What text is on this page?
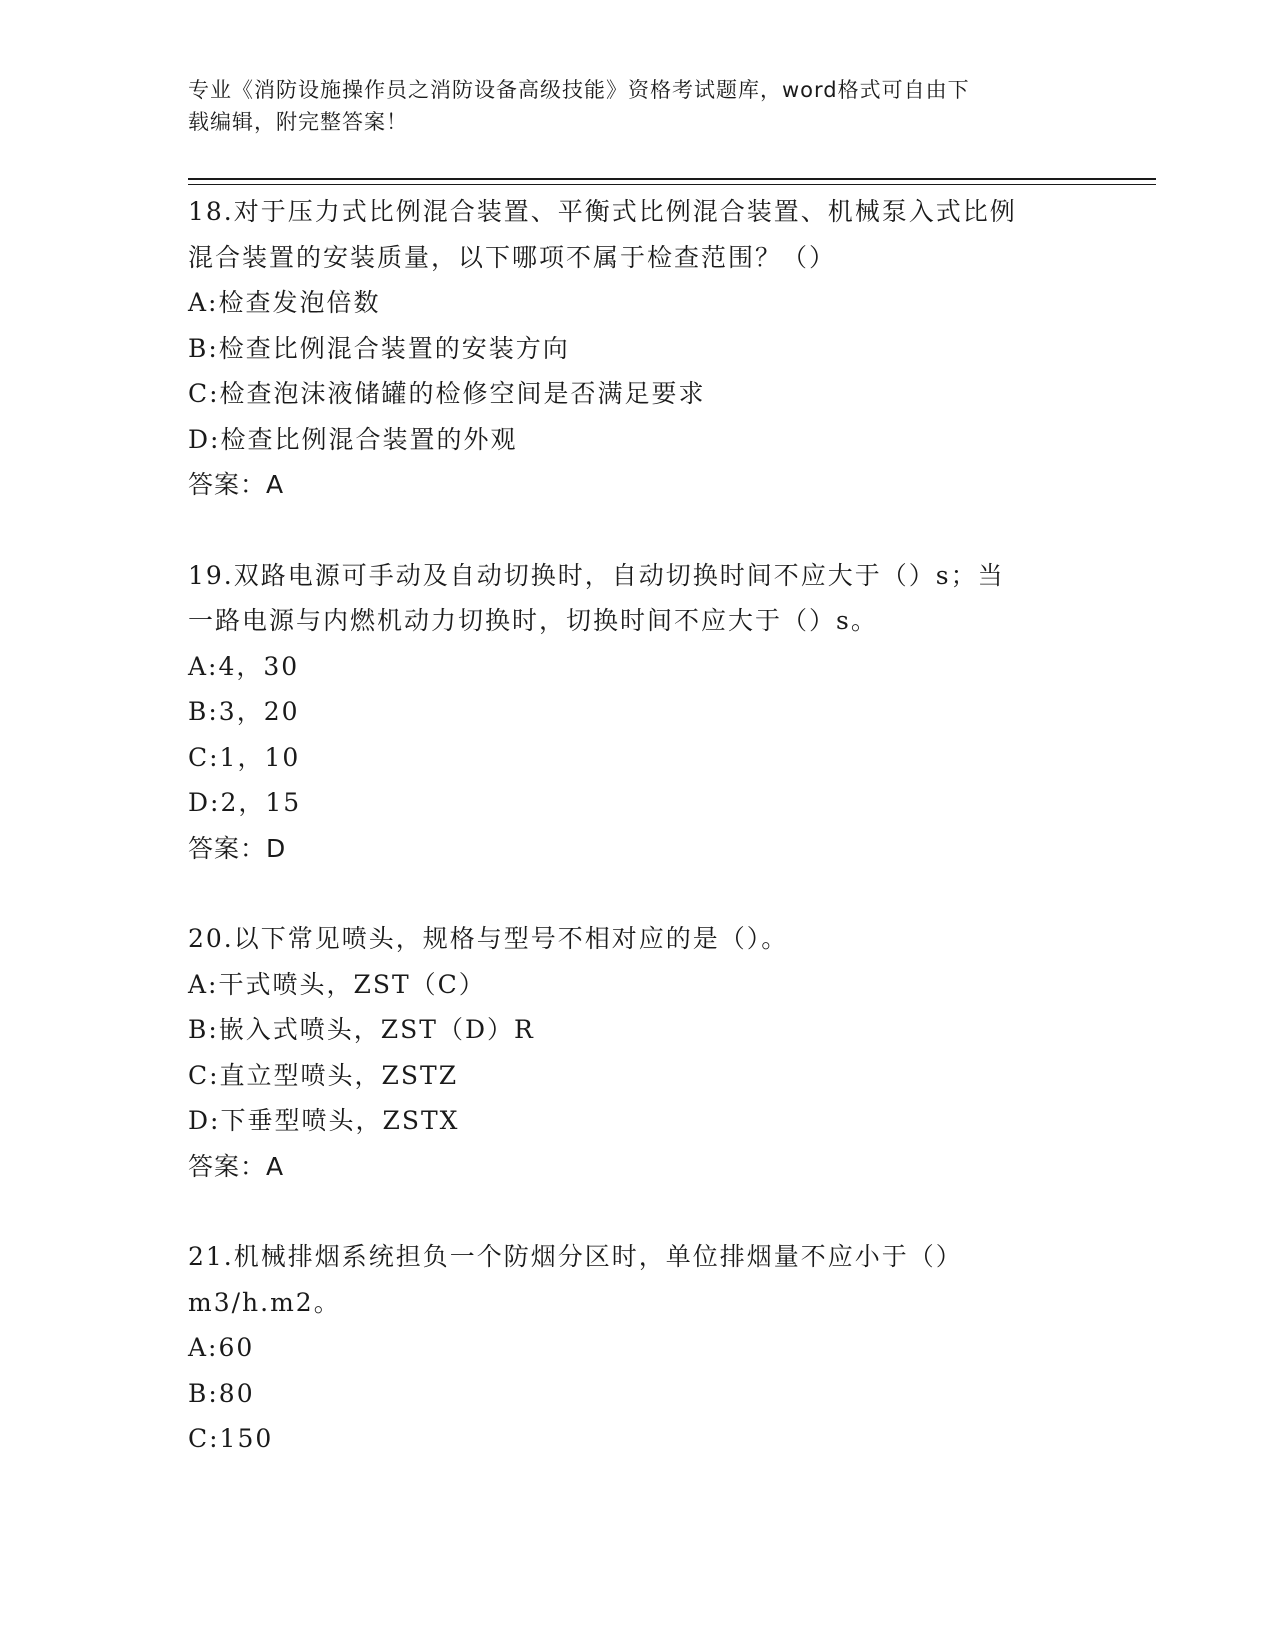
专业《消防设施操作员之消防设备高级技能》资格考试题库，word格式可自由下
载编辑，附完整答案！
18.对于压力式比例混合装置、平衡式比例混合装置、机械泵入式比例
混合装置的安装质量，以下哪项不属于检查范围？（）
A:检查发泡倍数
B:检查比例混合装置的安装方向
C:检查泡沫液储罐的检修空间是否满足要求
D:检查比例混合装置的外观
答案：A
19.双路电源可手动及自动切换时，自动切换时间不应大于（）s；当
一路电源与内燃机动力切换时，切换时间不应大于（）s。
A:4，30
B:3，20
C:1，10
D:2，15
答案：D
20.以下常见喷头，规格与型号不相对应的是（）。
A:干式喷头，ZST（C）
B:嵌入式喷头，ZST（D）R
C:直立型喷头，ZSTZ
D:下垂型喷头，ZSTX
答案：A
21.机械排烟系统担负一个防烟分区时，单位排烟量不应小于（）
m3/h.m2。
A:60
B:80
C:150
